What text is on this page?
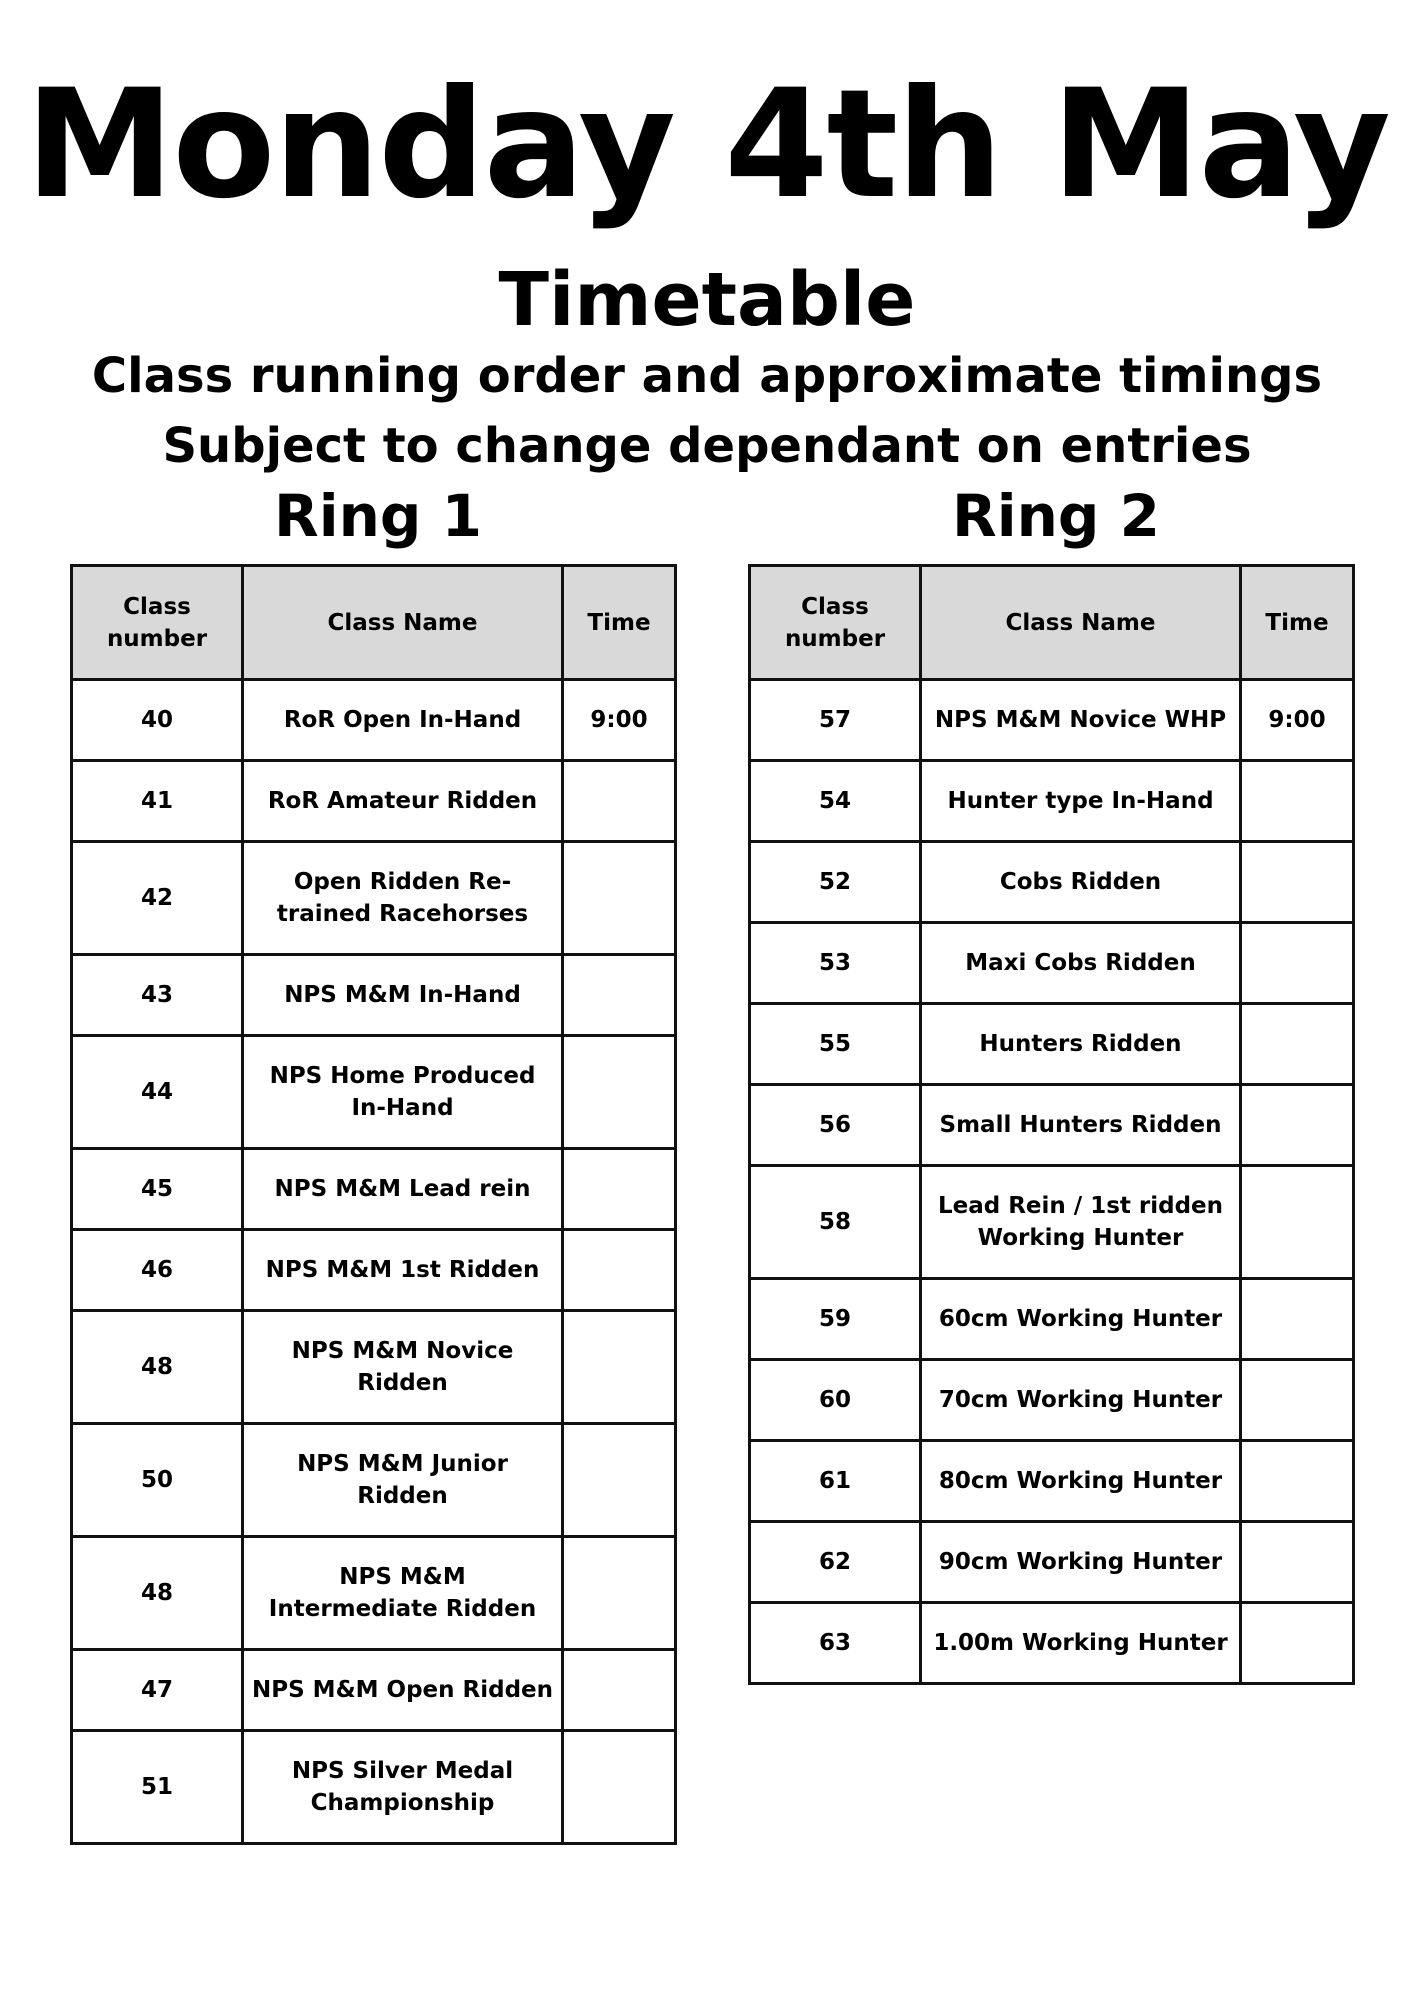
Monday 4th May
Timetable
Class running order and approximate timings
Subject to change dependant on entries
Ring 1	Ring 2
Class number	Class Name	Time
40	RoR Open In-Hand	9:00
41	RoR Amateur Ridden	
42	Open Ridden Re-trained Racehorses	
43	NPS M&M In-Hand	
44	NPS Home Produced In-Hand	
45	NPS M&M Lead rein	
46	NPS M&M 1st Ridden	
48	NPS M&M Novice Ridden	
50	NPS M&M Junior Ridden	
48	NPS M&M Intermediate Ridden	
47	NPS M&M Open Ridden	
51	NPS Silver Medal Championship	
Class number	Class Name	Time
57	NPS M&M Novice WHP	9:00
54	Hunter type In-Hand	
52	Cobs Ridden	
53	Maxi Cobs Ridden	
55	Hunters Ridden	
56	Small Hunters Ridden	
58	Lead Rein / 1st ridden Working Hunter	
59	60cm Working Hunter	
60	70cm Working Hunter	
61	80cm Working Hunter	
62	90cm Working Hunter	
63	1.00m Working Hunter	
